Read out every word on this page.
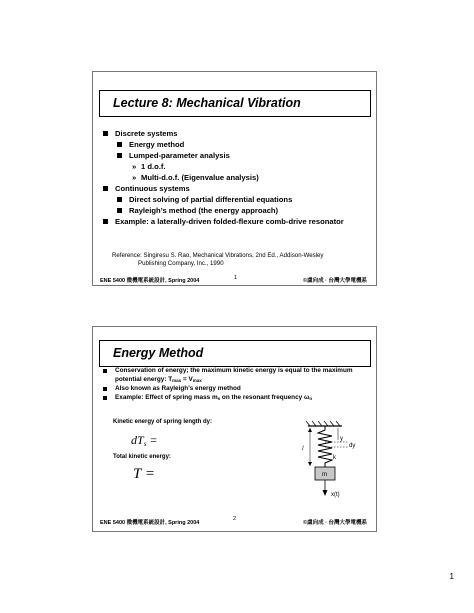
Lecture 8: Mechanical Vibration
Discrete systems
Energy method
Lumped-parameter analysis
» 1 d.o.f.
» Multi-d.o.f. (Eigenvalue analysis)
Continuous systems
Direct solving of partial differential equations
Rayleigh’s method (the energy approach)
Example: a laterally-driven folded-flexure comb-drive resonator
Reference: Singiresu S. Rao, Mechanical Vibrations, 2nd Ed., Addison-Wesley
Publishing Company, Inc., 1990
ENE 5400 微機電系統設計, Spring 2004	1	©盧向成 · 台灣大學電機系
Energy Method
Conservation of energy; the maximum kinetic energy is equal to the maximum potential energy: $T_{max} = V_{max}$
Also known as Rayleigh’s energy method
Example: Effect of spring mass $m_s$ on the resonant frequency $\omega_n$
Kinetic energy of spring length dy:
dTs =
Total kinetic energy:
T =
y
dy
l
k
m
x(t)
ENE 5400 微機電系統設計, Spring 2004
2
©盧向成 · 台灣大學電機系
1
